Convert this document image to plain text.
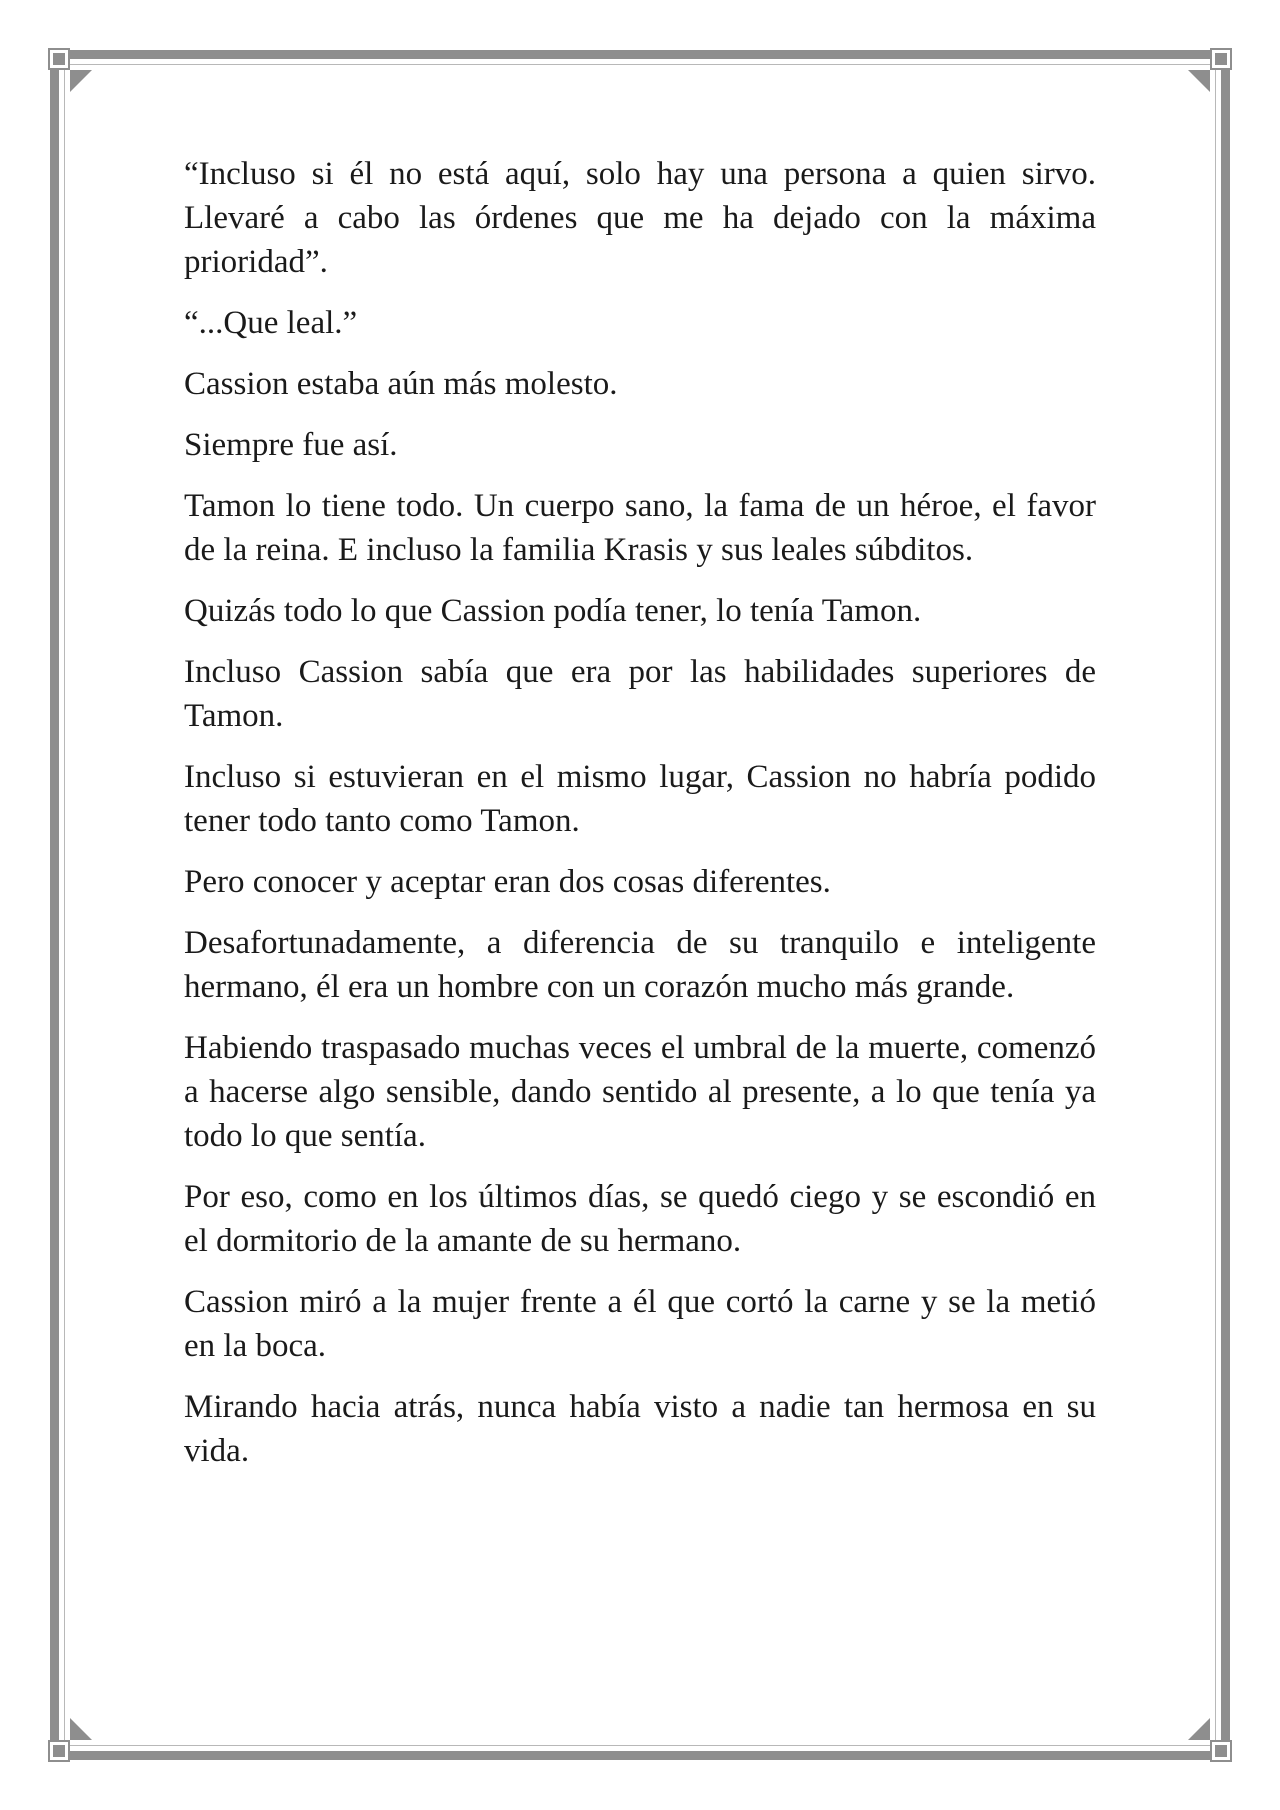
“Incluso si él no está aquí, solo hay una persona a quien sirvo. Llevaré a cabo las órdenes que me ha dejado con la máxima prioridad”.

“...Que leal.”

Cassion estaba aún más molesto.

Siempre fue así.

Tamon lo tiene todo. Un cuerpo sano, la fama de un héroe, el favor de la reina. E incluso la familia Krasis y sus leales súbditos.

Quizás todo lo que Cassion podía tener, lo tenía Tamon.

Incluso Cassion sabía que era por las habilidades superiores de Tamon.

Incluso si estuvieran en el mismo lugar, Cassion no habría podido tener todo tanto como Tamon.

Pero conocer y aceptar eran dos cosas diferentes.

Desafortunadamente, a diferencia de su tranquilo e inteligente hermano, él era un hombre con un corazón mucho más grande.

Habiendo traspasado muchas veces el umbral de la muerte, comenzó a hacerse algo sensible, dando sentido al presente, a lo que tenía ya todo lo que sentía.

Por eso, como en los últimos días, se quedó ciego y se escondió en el dormitorio de la amante de su hermano.

Cassion miró a la mujer frente a él que cortó la carne y se la metió en la boca.

Mirando hacia atrás, nunca había visto a nadie tan hermosa en su vida.
